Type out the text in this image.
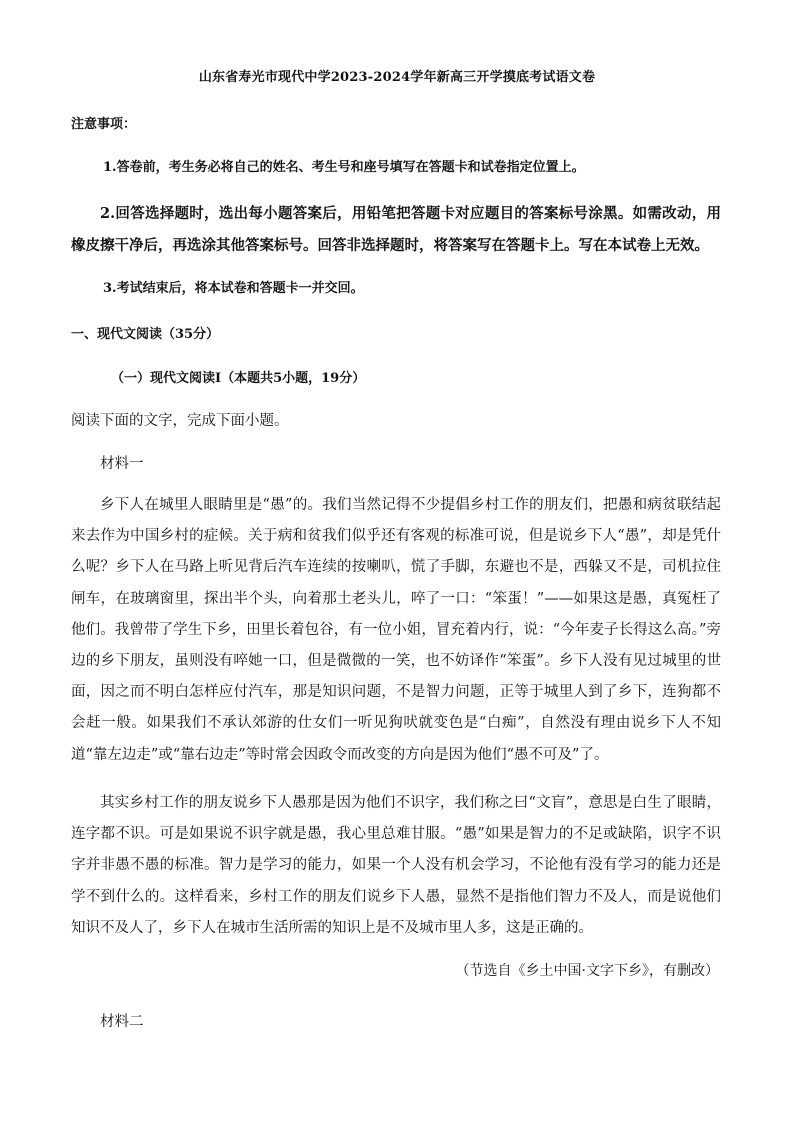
山东省寿光市现代中学2023-2024学年新高三开学摸底考试语文卷
注意事项：
1.答卷前，考生务必将自己的姓名、考生号和座号填写在答题卡和试卷指定位置上。
2.回答选择题时，选出每小题答案后，用铅笔把答题卡对应题目的答案标号涂黑。如需改动，用橡皮擦干净后，再选涂其他答案标号。回答非选择题时，将答案写在答题卡上。写在本试卷上无效。
3.考试结束后，将本试卷和答题卡一并交回。
一、现代文阅读（35分）
（一）现代文阅读Ⅰ（本题共5小题，19分）
阅读下面的文字，完成下面小题。
材料一
乡下人在城里人眼睛里是“愚”的。我们当然记得不少提倡乡村工作的朋友们，把愚和病贫联结起来去作为中国乡村的症候。关于病和贫我们似乎还有客观的标准可说，但是说乡下人“愚”，却是凭什么呢？乡下人在马路上听见背后汽车连续的按喇叭，慌了手脚，东避也不是，西躲又不是，司机拉住闸车，在玻璃窗里，探出半个头，向着那土老头儿，啐了一口：“笨蛋！”——如果这是愚，真冤枉了他们。我曾带了学生下乡，田里长着包谷，有一位小姐，冒充着内行，说：“今年麦子长得这么高。”旁边的乡下朋友，虽则没有啐她一口，但是微微的一笑，也不妨译作“笨蛋”。乡下人没有见过城里的世面，因之而不明白怎样应付汽车，那是知识问题，不是智力问题，正等于城里人到了乡下，连狗都不会赶一般。如果我们不承认郊游的仕女们一听见狗吠就变色是“白痴”，自然没有理由说乡下人不知道“靠左边走”或“靠右边走”等时常会因政令而改变的方向是因为他们“愚不可及”了。
其实乡村工作的朋友说乡下人愚那是因为他们不识字，我们称之曰“文盲”，意思是白生了眼睛，连字都不识。可是如果说不识字就是愚，我心里总难甘服。“愚”如果是智力的不足或缺陷，识字不识字并非愚不愚的标准。智力是学习的能力，如果一个人没有机会学习，不论他有没有学习的能力还是学不到什么的。这样看来，乡村工作的朋友们说乡下人愚，显然不是指他们智力不及人，而是说他们知识不及人了，乡下人在城市生活所需的知识上是不及城市里人多，这是正确的。
（节选自《乡土中国·文字下乡》，有删改）
材料二
